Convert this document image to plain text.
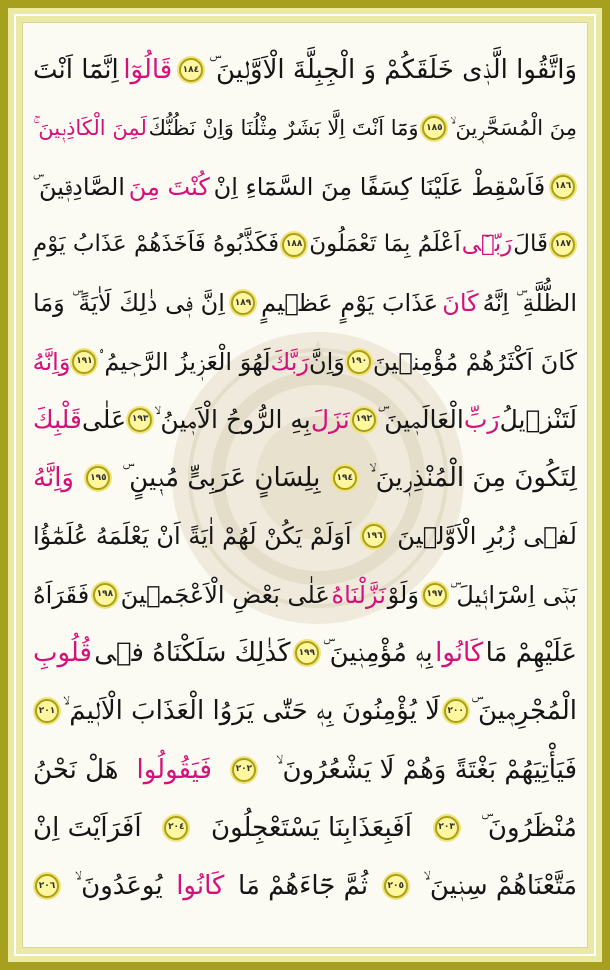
وَاتَّقُوا الَّذٖى خَلَقَكُمْ وَ الْجِبِلَّةَ الْاَوَّلٖينَ ۜ
١٨٤
قَالُوٓا
اِنَّمَٓا اَنْتَ
مِنَ الْمُسَحَّرٖينَ ۙ
١٨٥
وَمَٓا اَنْتَ اِلَّا بَشَرٌ مِثْلُنَا وَاِنْ نَظُنُّكَ
لَمِنَ الْكَاذِبٖينَ ۚ
١٨٦
فَاَسْقِطْ عَلَيْنَا كِسَفًا مِنَ السَّمَٓاءِ اِنْ
كُنْتَ مِنَ
الصَّادِقٖينَ ۜ
١٨٧
قَالَ
رَبّٖٓى
اَعْلَمُ بِمَا تَعْمَلُونَ
١٨٨
فَكَذَّبُوهُ فَاَخَذَهُمْ عَذَابُ يَوْمِ
الظُّلَّةِ ۜ اِنَّهُ
كَانَ
عَذَابَ يَوْمٍ عَظٖيمٍ
١٨٩
اِنَّ فٖى ذٰلِكَ لَاٰيَةً ۜ وَمَا
كَانَ اَكْثَرُهُمْ مُؤْمِنٖينَ
١٩٠
وَاِنَّ
رَبَّكَ
لَهُوَ الْعَزٖيزُ الرَّحٖيمُ ۟
١٩١
وَاِنَّهُ
لَتَنْزٖيلُ
رَبِّ
الْعَالَمٖينَ ۜ
١٩٢
نَزَلَ
بِهِ الرُّوحُ الْاَمٖينُ ۙ
١٩٣
عَلٰى
قَلْبِكَ
لِتَكُونَ مِنَ الْمُنْذِرٖينَ ۙ
١٩٤
بِلِسَانٍ عَرَبِىٍّ مُبٖينٍ ۜ
١٩٥
وَاِنَّهُ
لَفٖى زُبُرِ الْاَوَّلٖينَ
١٩٦
اَوَلَمْ يَكُنْ لَهُمْ اٰيَةً اَنْ يَعْلَمَهُ عُلَمٰٓؤُا
بَنٖٓى اِسْرَٓائٖيلَ ۜ
١٩٧
وَلَوْ
نَزَّلْنَاهُ
عَلٰى بَعْضِ الْاَعْجَمٖينَ
١٩٨
فَقَرَاَهُ
عَلَيْهِمْ مَا
كَانُوا
بِهٖ مُؤْمِنٖينَ ۜ
١٩٩
كَذٰلِكَ سَلَكْنَاهُ فٖى
قُلُوبِ
الْمُجْرِمٖينَ ۜ
٢٠٠
لَا يُؤْمِنُونَ بِهٖ حَتّٰى يَرَوُا الْعَذَابَ الْاَلٖيمَ ۙ
٢٠١
فَيَأْتِيَهُمْ بَغْتَةً وَهُمْ لَا يَشْعُرُونَ ۙ
٢٠٢
فَيَقُولُوا
هَلْ نَحْنُ
مُنْظَرُونَ ۜ
٢٠٣
اَفَبِعَذَابِنَا يَسْتَعْجِلُونَ
٢٠٤
اَفَرَاَيْتَ اِنْ
مَتَّعْنَاهُمْ سِنٖينَ ۙ
٢٠٥
ثُمَّ جَٓاءَهُمْ مَا
كَانُوا
يُوعَدُونَ ۙ
٢٠٦
